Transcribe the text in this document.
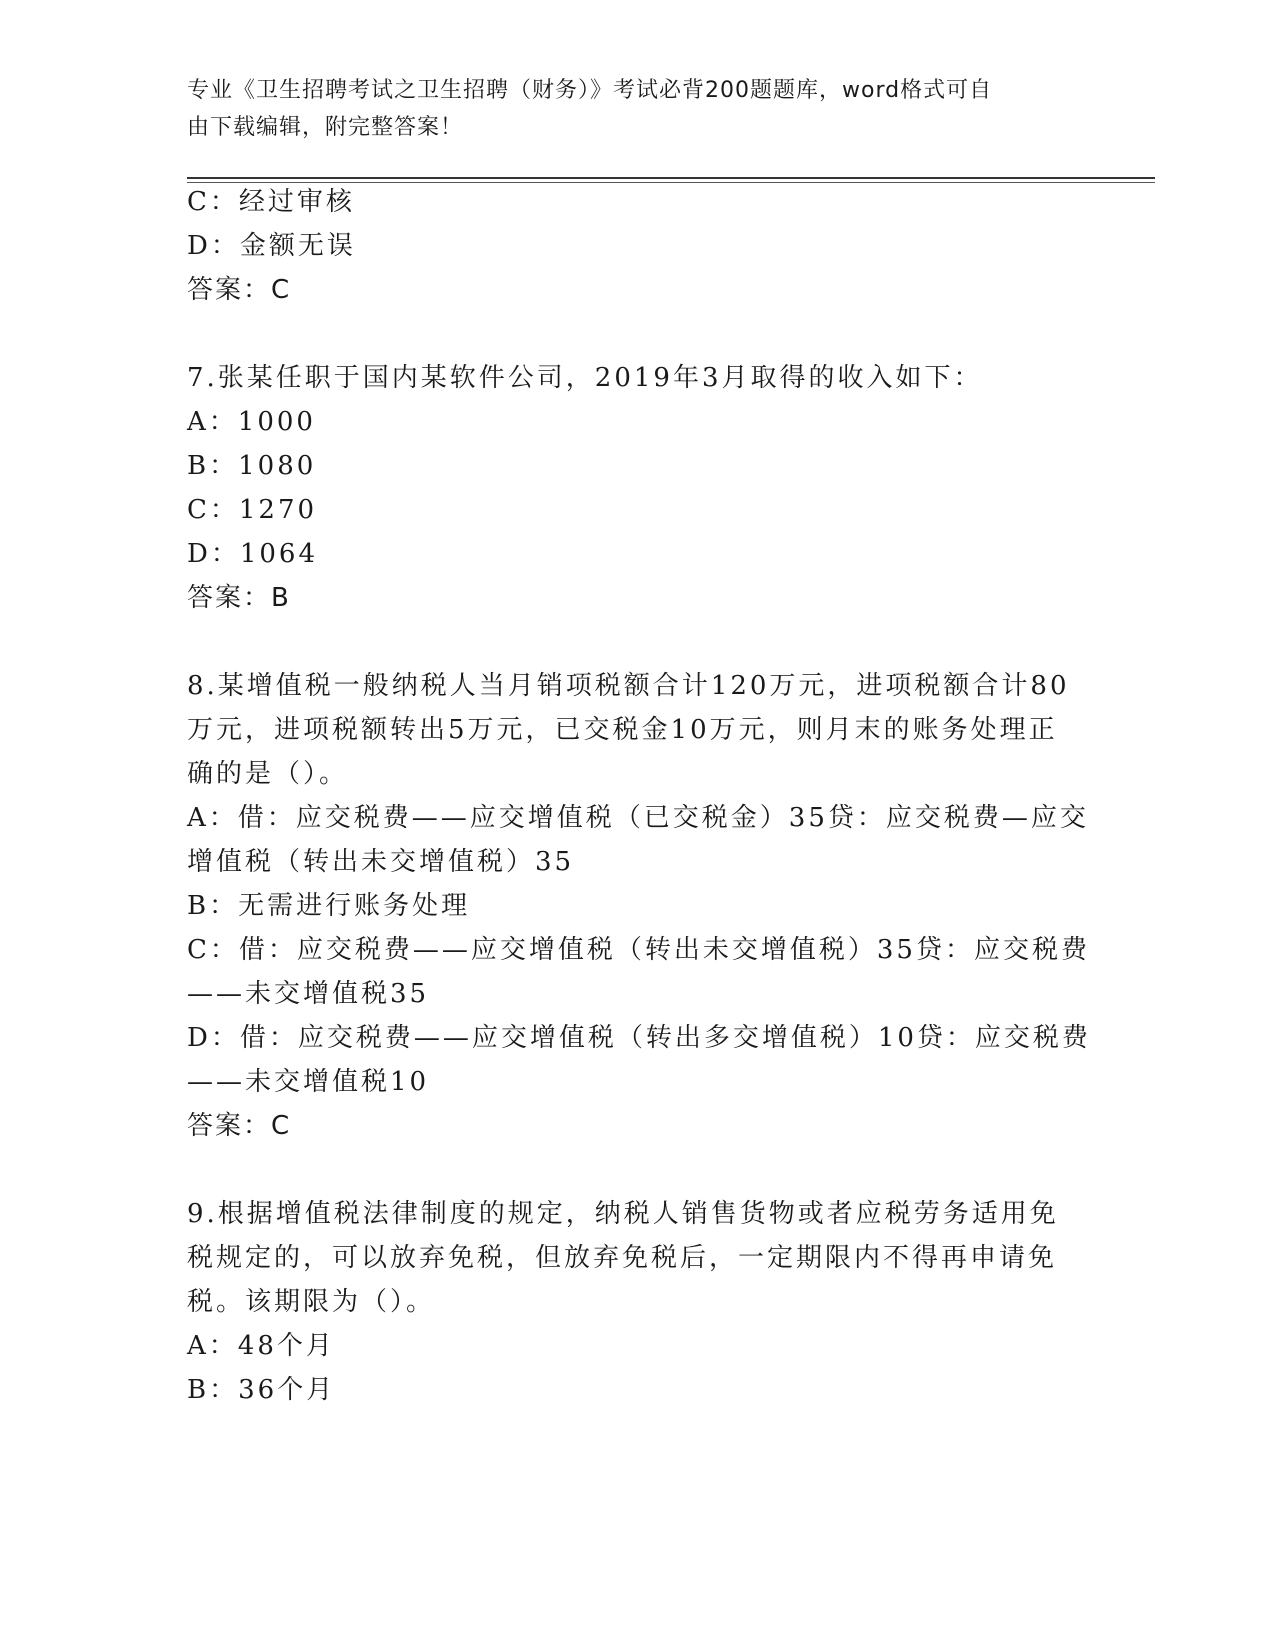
专业《卫生招聘考试之卫生招聘（财务）》考试必背200题题库，word格式可自
由下载编辑，附完整答案！
C：经过审核
D：金额无误
答案：C
7.张某任职于国内某软件公司，2019年3月取得的收入如下：
A：1000
B：1080
C：1270
D：1064
答案：B
8.某增值税一般纳税人当月销项税额合计120万元，进项税额合计80
万元，进项税额转出5万元，已交税金10万元，则月末的账务处理正
确的是（）。
A：借：应交税费——应交增值税（已交税金）35贷：应交税费—应交
增值税（转出未交增值税）35
B：无需进行账务处理
C：借：应交税费——应交增值税（转出未交增值税）35贷：应交税费
——未交增值税35
D：借：应交税费——应交增值税（转出多交增值税）10贷：应交税费
——未交增值税10
答案：C
9.根据增值税法律制度的规定，纳税人销售货物或者应税劳务适用免
税规定的，可以放弃免税，但放弃免税后，一定期限内不得再申请免
税。该期限为（）。
A：48个月
B：36个月
